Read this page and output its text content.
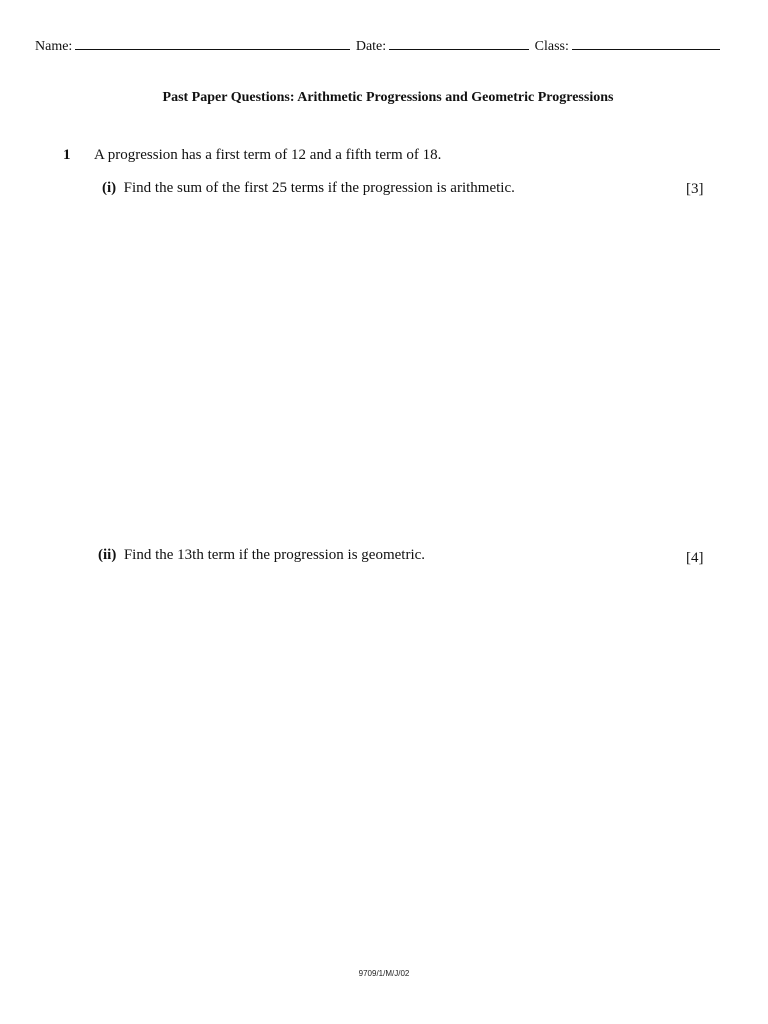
Name:	Date:	Class:
Past Paper Questions: Arithmetic Progressions and Geometric Progressions
1 A progression has a first term of 12 and a fifth term of 18.
(i) Find the sum of the first 25 terms if the progression is arithmetic.	[3]
(ii) Find the 13th term if the progression is geometric.	[4]
9709/1/M/J/02
